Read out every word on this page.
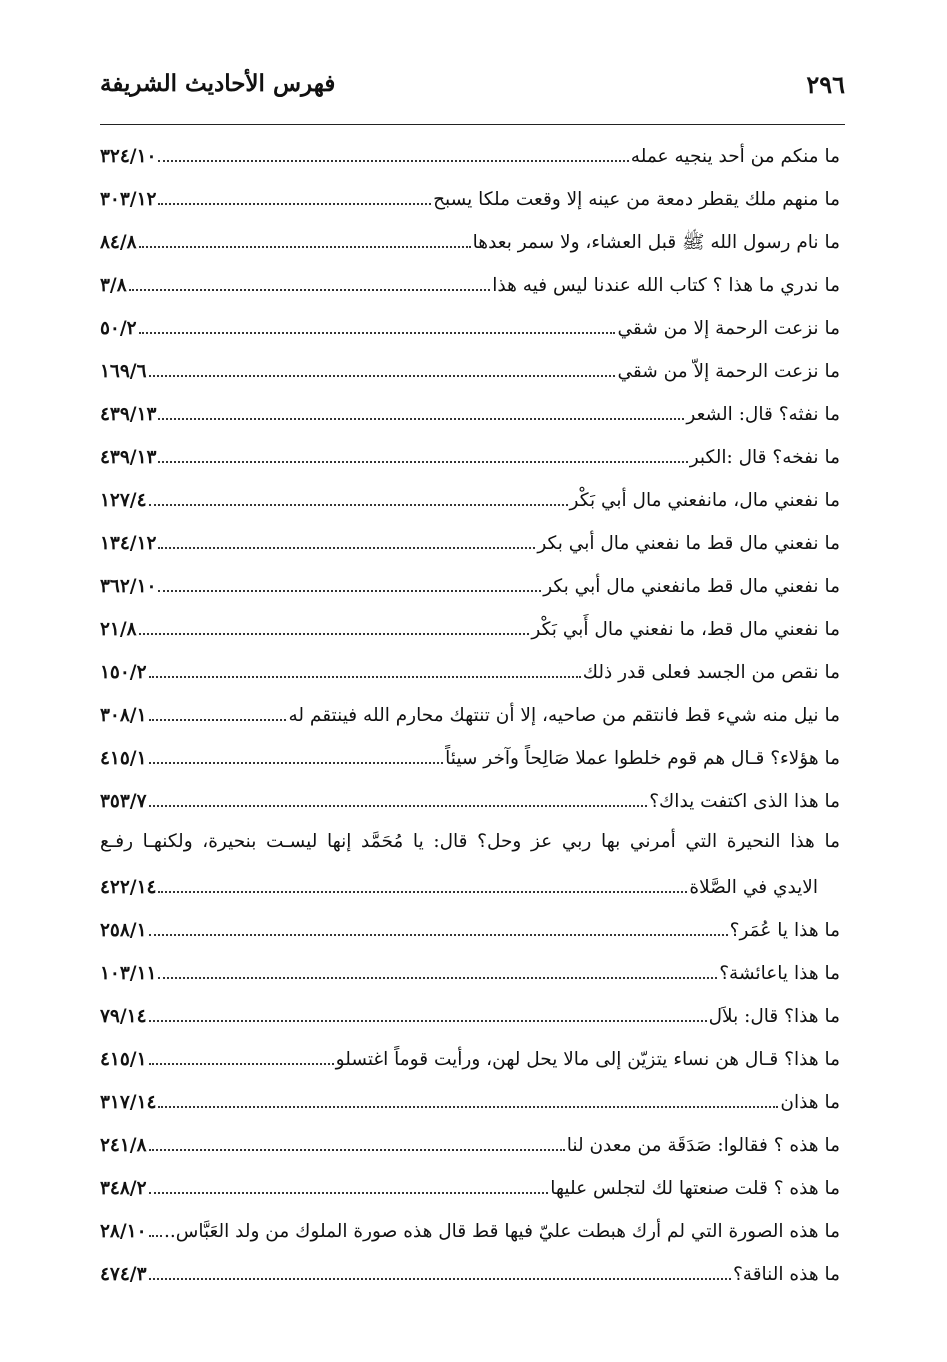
٢٩٦
فهرس الأحاديث الشريفة
ما منكم من أحد ينجيه عمله
٣٢٤/١٠
ما منهم ملك يقطر دمعة من عينه إلا وقعت ملكا يسبح
٣٠٣/١٢
ما نام رسول الله ﷺ قبل العشاء، ولا سمر بعدها
٨٤/٨
ما ندري ما هذا ؟ كتاب الله عندنا ليس فيه هذا
٣/٨
ما نزعت الرحمة إلا من شقي
٥٠/٢
ما نزعت الرحمة إلاّ من شقي
١٦٩/٦
ما نفثه؟ قال: الشعر
٤٣٩/١٣
ما نفخه؟ قال :الكبر
٤٣٩/١٣
ما نفعني مال، مانفعني مال أبي بَكْر
١٢٧/٤
ما نفعني مال قط ما نفعني مال أبي بكر
١٣٤/١٢
ما نفعني مال قط مانفعني مال أبي بكر
٣٦٢/١٠
ما نفعني مال قط، ما نفعني مال أَبي بَكْر
٢١/٨
ما نقص من الجسد فعلى قدر ذلك
١٥٠/٢
ما نيل منه شيء قط فانتقم من صاحيه، إلا أن تنتهك محارم الله فينتقم له
٣٠٨/١
ما هؤلاء؟ قـال هم قوم خلطوا عملا صَالِحاً وآخر سيئاً
٤١٥/١
ما هذا الذى اكتفت يداك؟
٣٥٣/٧
ما هذا النحيرة التي أمرني بها ربي عز وحل؟ قال: يا مُحَمَّد إنها ليسـت بنحيرة، ولكنهـا رفـع
الايدي في الصَّلاة
٤٢٢/١٤
ما هذا يا عُمَر؟
٢٥٨/١
ما هذا ياعائشة؟
١٠٣/١١
ما هذا؟ قال: بلاَل
٧٩/١٤
ما هذا؟ قـال هن نساء يتزيّن إلى مالا يحل لهن، ورأيت قوماً اغتسلو
٤١٥/١
ما هذان
٣١٧/١٤
ما هذه ؟ فقالوا: صَدَقَة من معدن لنا
٢٤١/٨
ما هذه ؟ قلت صنعتها لك لتجلس عليها
٣٤٨/٢
ما هذه الصورة التي لم أرك هبطت عليّ فيها قط قال هذه صورة الملوك من ولد العَبَّاس..
٢٨/١٠
ما هذه الناقة؟
٤٧٤/٣
